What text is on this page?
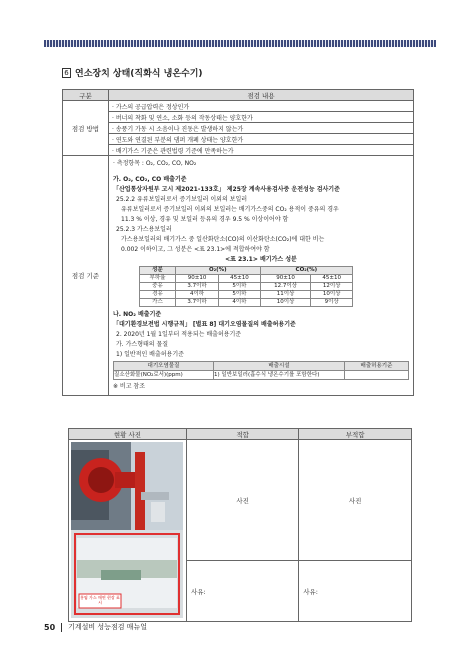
6 연소장치 상태(직화식 냉온수기)
구분	점검 내용
점검 방법	· 가스의 공급압력은 정상인가
· 버너의 착화 및 연소, 소화 등의 작동상태는 양호한가
· 송풍기 가동 시 소음이나 진동은 발생하지 않는가
· 연도와 연결된 부분의 댐퍼 개폐 상태는 양호한가
· 배기가스 기준은 관련법령 기준에 만족하는가
점검 기준	
· 측정항목 : O₂, CO₂, CO, NO₂
가. O₂, CO₂, CO 배출기준
「산업통상자원부 고시 제2021-133호」 제25장 계속사용검사중 운전성능 검사기준
25.2.2 유류보일러로서 증기보일러 이외의 보일러
유류보일러로서 증기보일러 이외의 보일러는 배기가스중의 CO₂ 용적이 중유의 경우
11.3 % 이상, 경유 및 보일러 등유의 경우 9.5 % 이상이어야 함
25.2.3 가스용보일러
가스용보일러의 배기가스 중 일산화탄소(CO)의 이산화탄소(CO₂)에 대한 비는
0.002 이하이고, 그 성분은 <표 23.1>에 적합하여야 함
<표 23.1> 배기가스 성분
성분	O₂(%)	CO₂(%)
부하율	90±10	45±10	90±10	45±10
중유	3.7이하	5이하	12.7이상	12이상
경유	4이하	5이하	11이상	10이상
가스	3.7이하	4이하	10이상	9이상
나. NO₂ 배출기준
「대기환경보전법 시행규칙」 [별표 8] 대기오염물질의 배출허용기준
2. 2020년 1월 1일부터 적용되는 배출허용기준
가. 가스형태의 물질
1) 일반적인 배출허용기준
대기오염물질	배출시설	배출허용기준
질소산화물(NO₂로서)(ppm)	1) 일반보일러(흡수식 냉온수기를 포함한다)	
※ 비고 참조
현황 사진	적합	부적합

홍염 가스 매연 현장 표시	사진	사진
	사유:	사유:
50 기계설비 성능점검 매뉴얼
